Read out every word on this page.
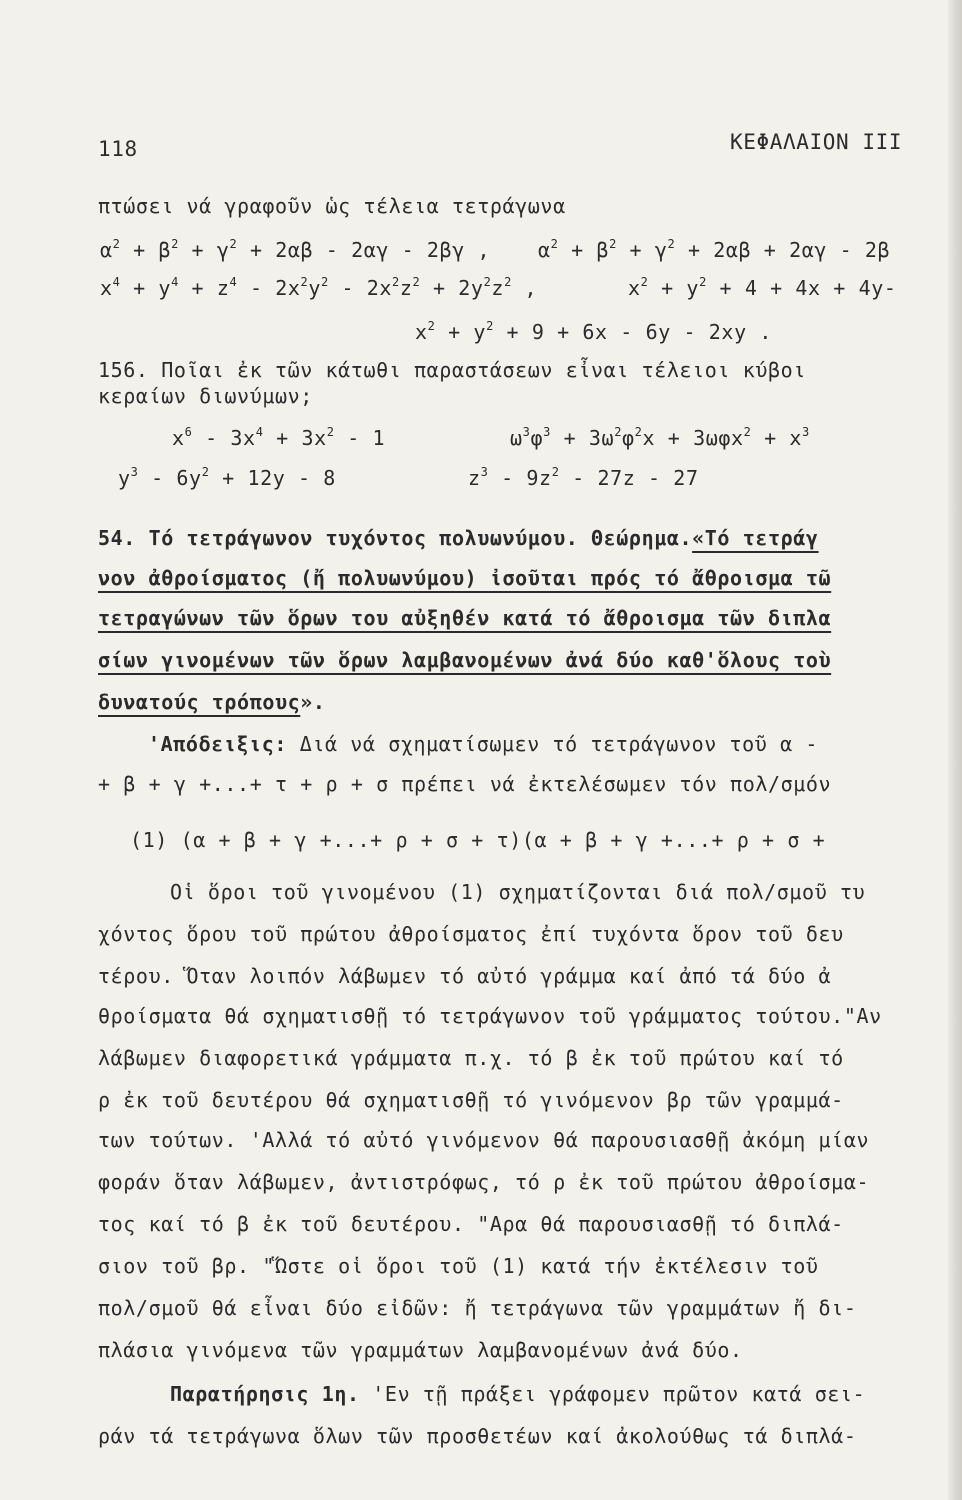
118	ΚΕΦΑΛΑΙΟΝ ΙΙΙ
πτώσει νά γραφοῦν ὡς τέλεια τετράγωνα
$\alpha^2 + \beta^2 + \gamma^2 + 2\alpha\beta - 2\alpha\gamma - 2\beta\gamma$ , $\alpha^2 + \beta^2 + \gamma^2 + 2\alpha\beta + 2\alpha\gamma - 2\beta$
$x^4 + y^4 + z^4 - 2x^2y^2 - 2x^2z^2 + 2y^2z^2$ ,	$x^2 + y^2 + 4 + 4x + 4y-$
$x^2 + y^2 + 9 + 6x - 6y - 2xy$ .
156. Ποῖαι ἐκ τῶν κάτωθι παραστάσεων εἶναι τέλειοι κύβοι
κεραίων διωνύμων;
$x^6 - 3x^4 + 3x^2 - 1$	$\omega^3\varphi^3 + 3\omega^2\varphi^2x + 3\omega\varphi x^2 + x^3$
$y^3 - 6y^2 + 12y - 8$	$z^3 - 9z^2 - 27z - 27$
54. Τό τετράγωνον τυχόντος πολυωνύμου. Θεώρημα.«Τό τετράγ
νον ἀθροίσματος (ἤ πολυωνύμου) ἰσοῦται πρός τό ἄθροισμα τῶ
τετραγώνων τῶν ὅρων του αὐξηθέν κατά τό ἄθροισμα τῶν διπλα
σίων γινομένων τῶν ὅρων λαμβανομένων ἀνά δύο καθ'ὅλους τοὺ
δυνατούς τρόπους».
'Απόδειξις: Διά νά σχηματίσωμεν τό τετράγωνον τοῦ α -
+ β + γ +...+ τ + ρ + σ πρέπει νά ἐκτελέσωμεν τόν πολ/σμόν
(1) (α + β + γ +...+ ρ + σ + τ)(α + β + γ +...+ ρ + σ +
Οἱ ὅροι τοῦ γινομένου (1) σχηματίζονται διά πολ/σμοῦ τυ
χόντος ὅρου τοῦ πρώτου ἀθροίσματος ἐπί τυχόντα ὅρον τοῦ δευ
τέρου. Ὅταν λοιπόν λάβωμεν τό αὐτό γράμμα καί ἀπό τά δύο ἀ
θροίσματα θά σχηματισθῇ τό τετράγωνον τοῦ γράμματος τούτου."Αν
λάβωμεν διαφορετικά γράμματα π.χ. τό β ἐκ τοῦ πρώτου καί τό
ρ ἐκ τοῦ δευτέρου θά σχηματισθῇ τό γινόμενον βρ τῶν γραμμά-
των τούτων. 'Αλλά τό αὐτό γινόμενον θά παρουσιασθῇ ἀκόμη μίαν
φοράν ὅταν λάβωμεν, ἀντιστρόφως, τό ρ ἐκ τοῦ πρώτου ἀθροίσμα-
τος καί τό β ἐκ τοῦ δευτέρου. "Αρα θά παρουσιασθῇ τό διπλά-
σιον τοῦ βρ. "Ὥστε οἱ ὅροι τοῦ (1) κατά τήν ἐκτέλεσιν τοῦ
πολ/σμοῦ θά εἶναι δύο εἰδῶν: ἤ τετράγωνα τῶν γραμμάτων ἤ δι-
πλάσια γινόμενα τῶν γραμμάτων λαμβανομένων ἀνά δύο.
Παρατήρησις 1η. 'Εν τῇ πράξει γράφομεν πρῶτον κατά σει-
ράν τά τετράγωνα ὅλων τῶν προσθετέων καί ἀκολούθως τά διπλά-
